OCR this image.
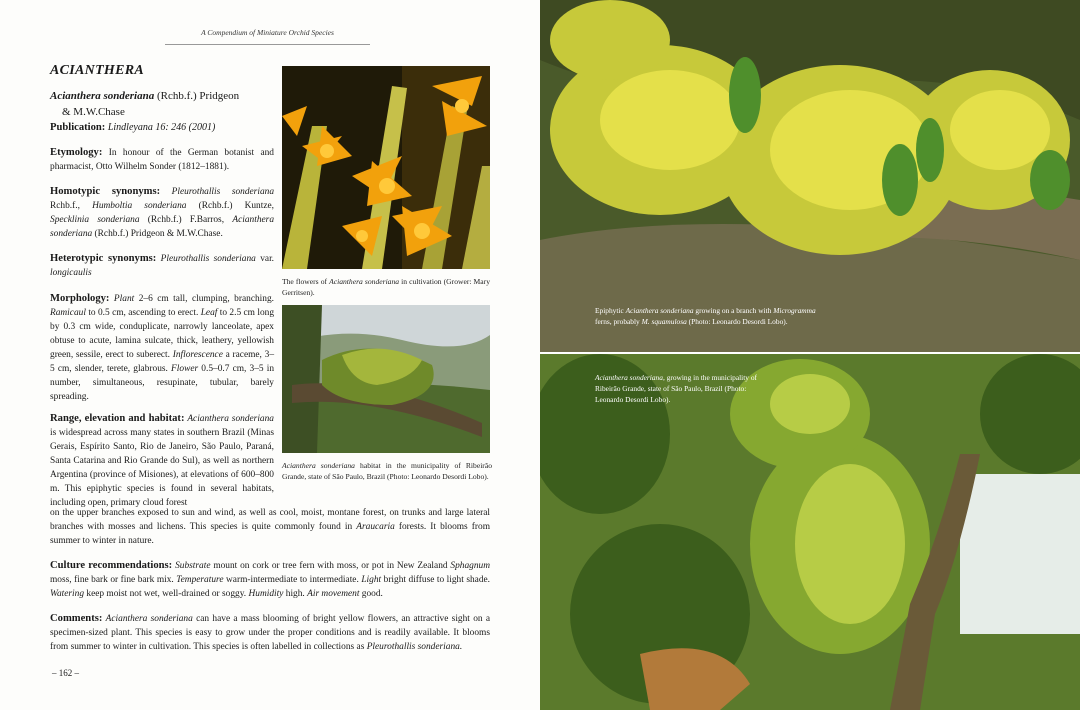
A Compendium of Miniature Orchid Species
ACIANTHERA
Acianthera sonderiana (Rchb.f.) Pridgeon
& M.W.Chase
Publication: Lindleyana 16: 246 (2001)
Etymology: In honour of the German botanist and pharmacist, Otto Wilhelm Sonder (1812–1881).
Homotypic synonyms: Pleurothallis sonderiana Rchb.f., Humboltia sonderiana (Rchb.f.) Kuntze, Specklinia sonderiana (Rchb.f.) F.Barros, Acianthera sonderiana (Rchb.f.) Pridgeon & M.W.Chase.
Heterotypic synonyms: Pleurothallis sonderiana var. longicaulis
Morphology: Plant 2–6 cm tall, clumping, branching. Ramicaul to 0.5 cm, ascending to erect. Leaf to 2.5 cm long by 0.3 cm wide, conduplicate, narrowly lanceolate, apex obtuse to acute, lamina sulcate, thick, leathery, yellowish green, sessile, erect to suberect. Inflorescence a raceme, 3–5 cm, slender, terete, glabrous. Flower 0.5–0.7 cm, 3–5 in number, simultaneous, resupinate, tubular, barely spreading.
Range, elevation and habitat: Acianthera sonderiana is widespread across many states in southern Brazil (Minas Gerais, Espírito Santo, Rio de Janeiro, São Paulo, Paraná, Santa Catarina and Rio Grande do Sul), as well as northern Argentina (province of Misiones), at elevations of 600–800 m. This epiphytic species is found in several habitats, including open, primary cloud forest
on the upper branches exposed to sun and wind, as well as cool, moist, montane forest, on trunks and large lateral branches with mosses and lichens. This species is quite commonly found in Araucaria forests. It blooms from summer to winter in nature.
Culture recommendations: Substrate mount on cork or tree fern with moss, or pot in New Zealand Sphagnum moss, fine bark or fine bark mix. Temperature warm-intermediate to intermediate. Light bright diffuse to light shade. Watering keep moist not wet, well-drained or soggy. Humidity high. Air movement good.
Comments: Acianthera sonderiana can have a mass blooming of bright yellow flowers, an attractive sight on a specimen-sized plant. This species is easy to grow under the proper conditions and is readily available. It blooms from summer to winter in cultivation. This species is often labelled in collections as Pleurothallis sonderiana.
– 162 –
The flowers of Acianthera sonderiana in cultivation (Grower: Mary Gerritsen).
Acianthera sonderiana habitat in the municipality of Ribeirão Grande, state of São Paulo, Brazil (Photo: Leonardo Desordi Lobo).
Epiphytic Acianthera sonderiana growing on a branch with Microgramma ferns, probably M. squamulosa (Photo: Leonardo Desordi Lobo).
Acianthera sonderiana, growing in the municipality of Ribeirão Grande, state of São Paulo, Brazil (Photo: Leonardo Desordi Lobo).
